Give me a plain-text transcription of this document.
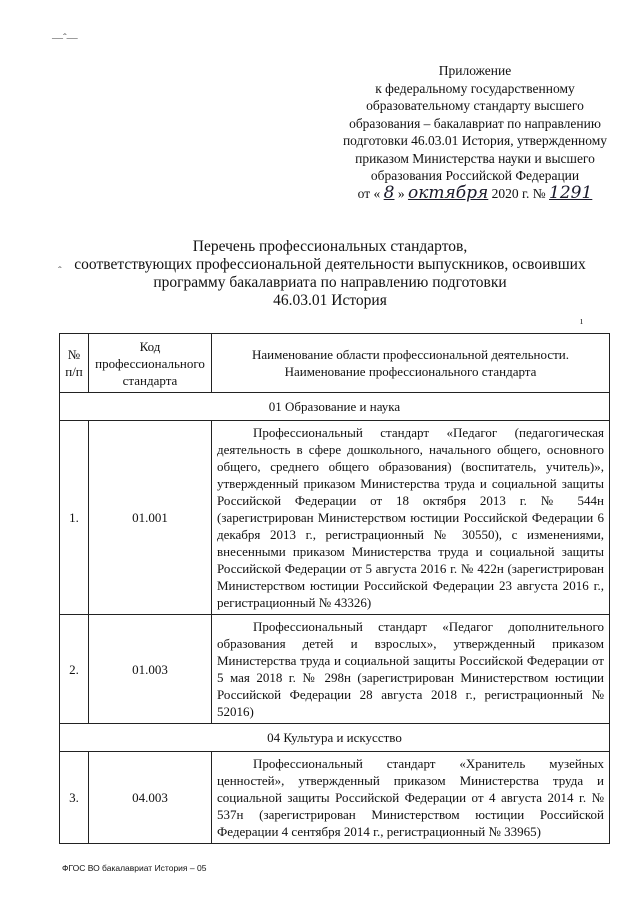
―ˆ―
ˆ
ı
Приложение
к федеральному государственному
образовательному стандарту высшего
образования – бакалавриат по направлению
подготовки 46.03.01 История, утвержденному
приказом Министерства науки и высшего
образования Российской Федерации
от « 8 » октября 2020 г. № 1291
Перечень профессиональных стандартов,
соответствующих профессиональной деятельности выпускников, освоивших
программу бакалавриата по направлению подготовки
46.03.01 История
№ п/п	Код профессионального стандарта	Наименование области профессиональной деятельности. Наименование профессионального стандарта
01 Образование и наука		
1.	01.001	Профессиональный стандарт «Педагог (педагогическая деятельность в сфере дошкольного, начального общего, основного общего, среднего общего образования) (воспитатель, учитель)», утвержденный приказом Министерства труда и социальной защиты Российской Федерации от 18 октября 2013 г. № 544н (зарегистрирован Министерством юстиции Российской Федерации 6 декабря 2013 г., регистрационный № 30550), с изменениями, внесенными приказом Министерства труда и социальной защиты Российской Федерации от 5 августа 2016 г. № 422н (зарегистрирован Министерством юстиции Российской Федерации 23 августа 2016 г., регистрационный № 43326)
2.	01.003	Профессиональный стандарт «Педагог дополнительного образования детей и взрослых», утвержденный приказом Министерства труда и социальной защиты Российской Федерации от 5 мая 2018 г. № 298н (зарегистрирован Министерством юстиции Российской Федерации 28 августа 2018 г., регистрационный № 52016)
04 Культура и искусство		
3.	04.003	Профессиональный стандарт «Хранитель музейных ценностей», утвержденный приказом Министерства труда и социальной защиты Российской Федерации от 4 августа 2014 г. № 537н (зарегистрирован Министерством юстиции Российской Федерации 4 сентября 2014 г., регистрационный № 33965)
ФГОС ВО бакалавриат История – 05
